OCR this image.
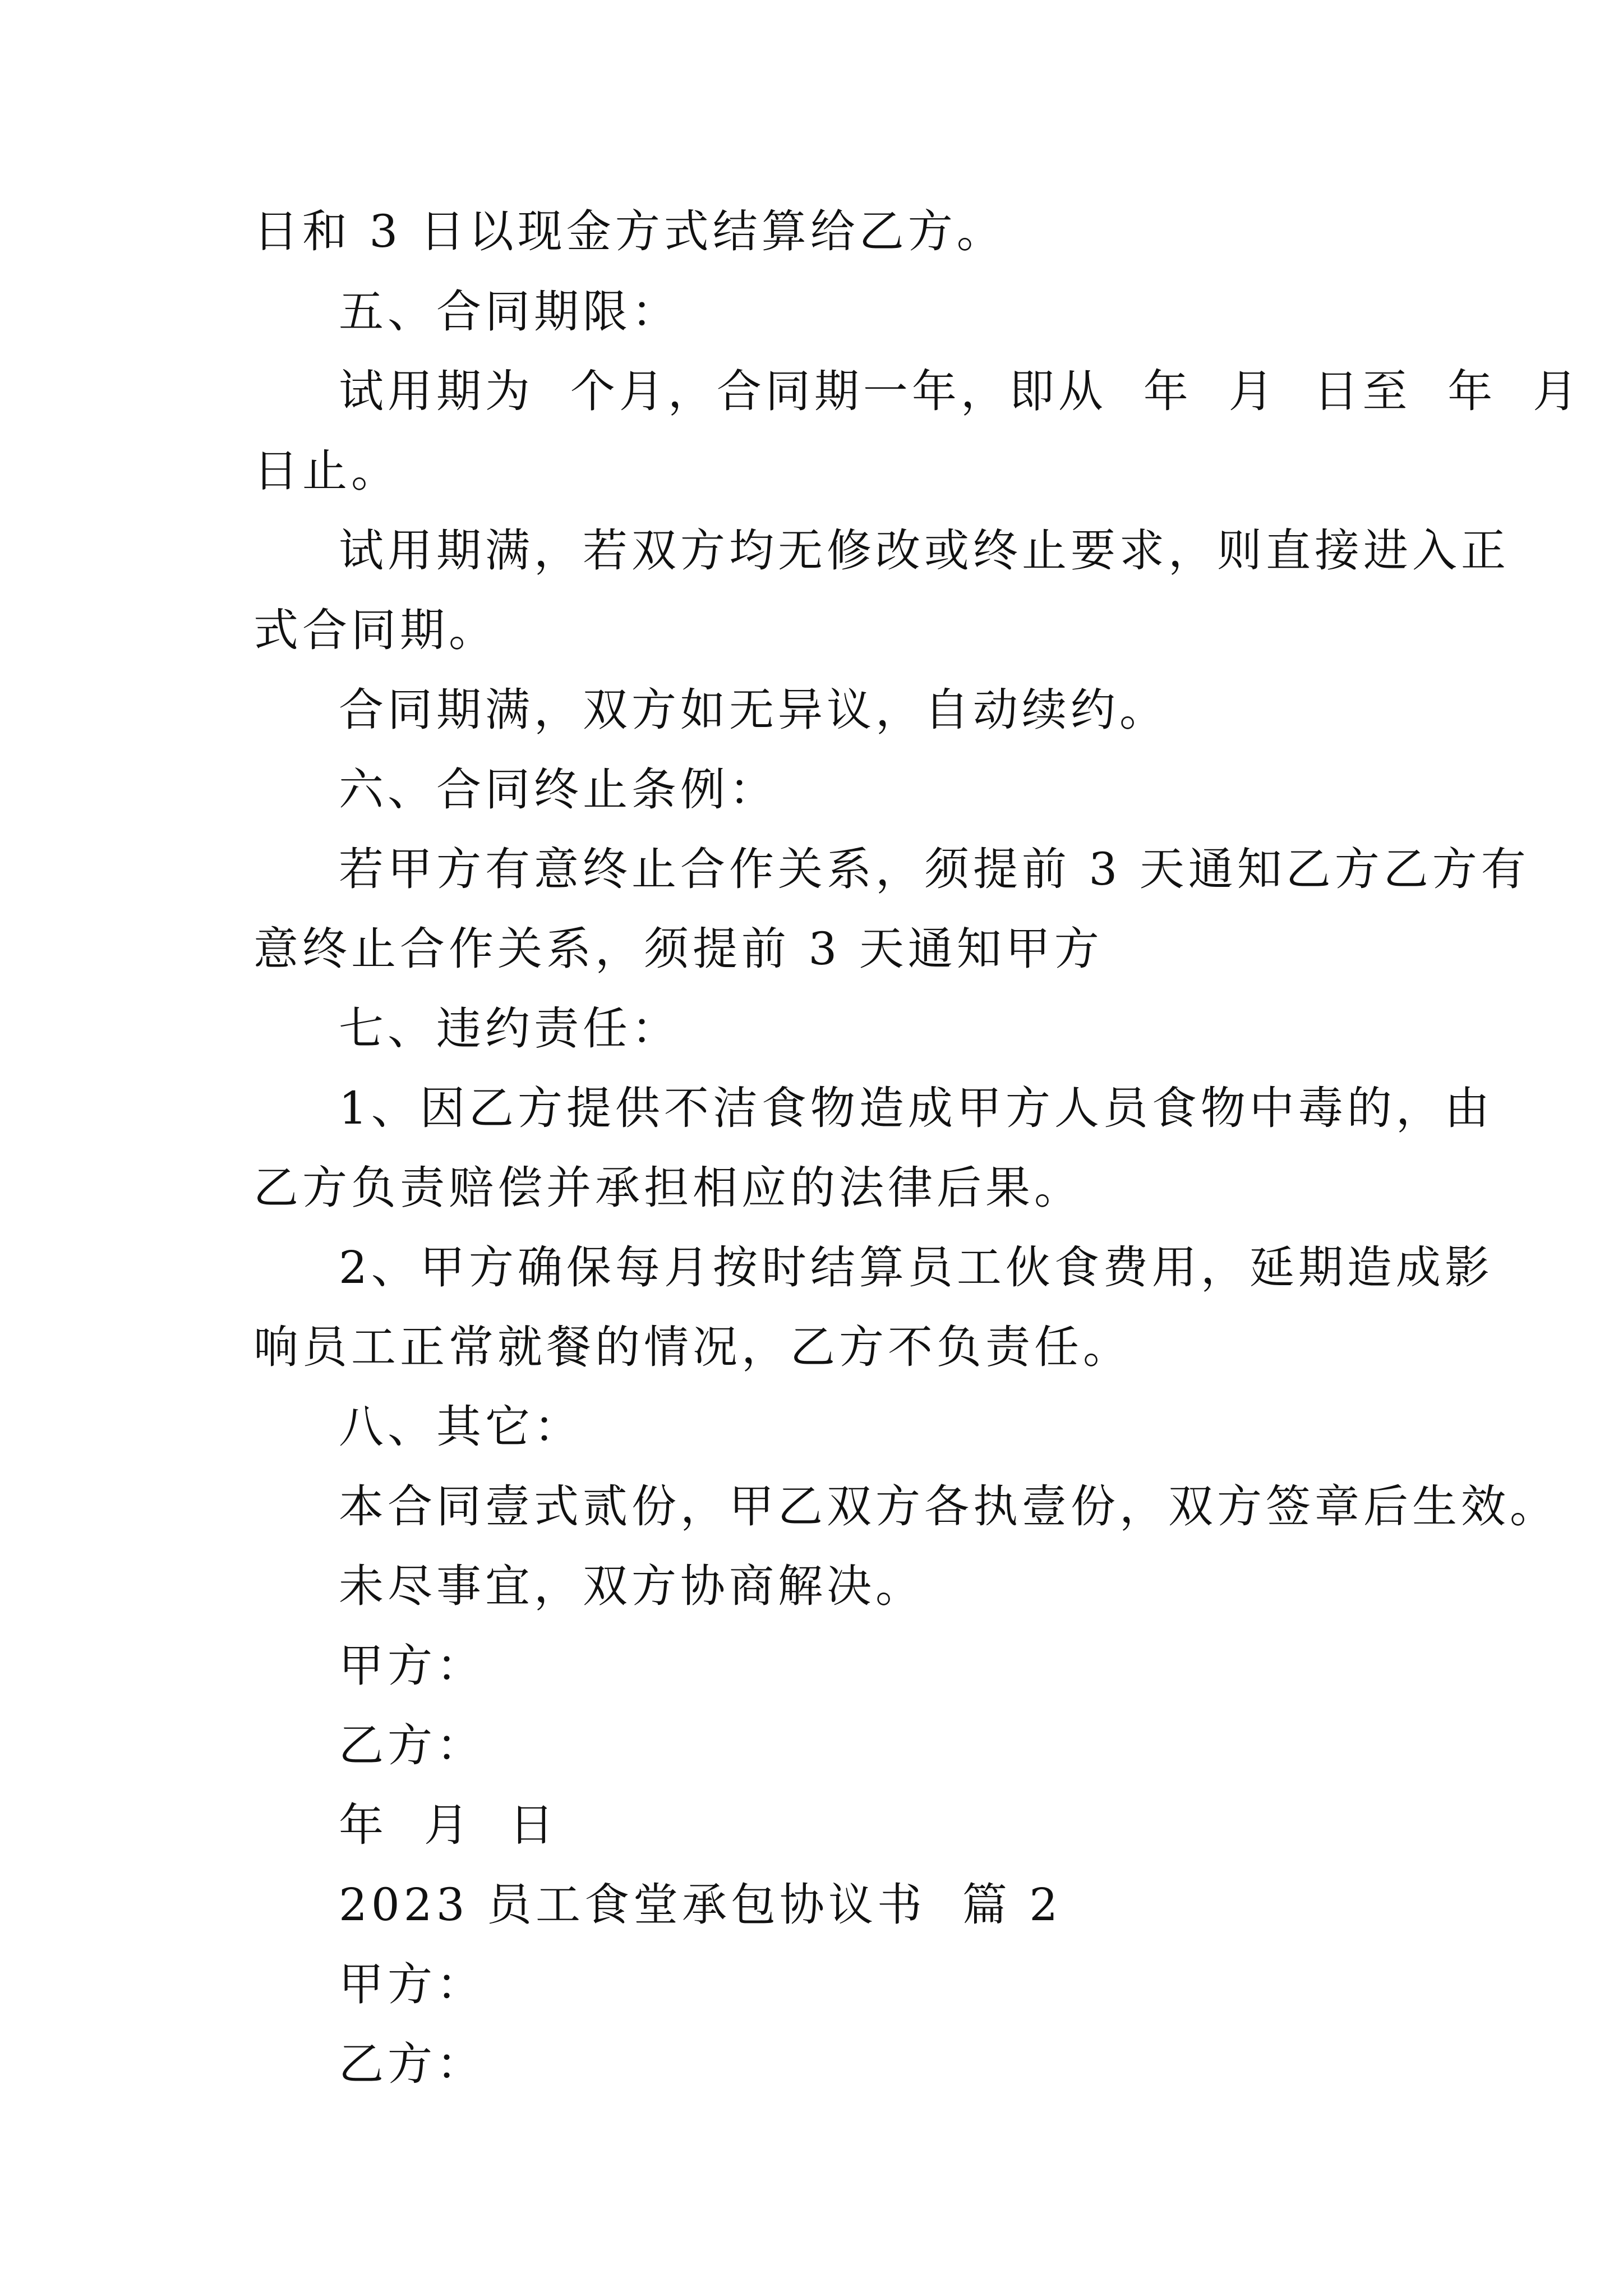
日和 3 日以现金方式结算给乙方。
五、合同期限：
试用期为  个月，合同期一年，即从  年  月  日至  年  月
日止。
试用期满，若双方均无修改或终止要求，则直接进入正
式合同期。
合同期满，双方如无异议，自动续约。
六、合同终止条例：
若甲方有意终止合作关系，须提前 3 天通知乙方乙方有
意终止合作关系，须提前 3 天通知甲方
七、违约责任：
1、因乙方提供不洁食物造成甲方人员食物中毒的，由
乙方负责赔偿并承担相应的法律后果。
2、甲方确保每月按时结算员工伙食费用，延期造成影
响员工正常就餐的情况，乙方不负责任。
八、其它：
本合同壹式贰份，甲乙双方各执壹份，双方签章后生效。
未尽事宜，双方协商解决。
甲方：
乙方：
年  月  日
2023 员工食堂承包协议书  篇 2
甲方：
乙方：
